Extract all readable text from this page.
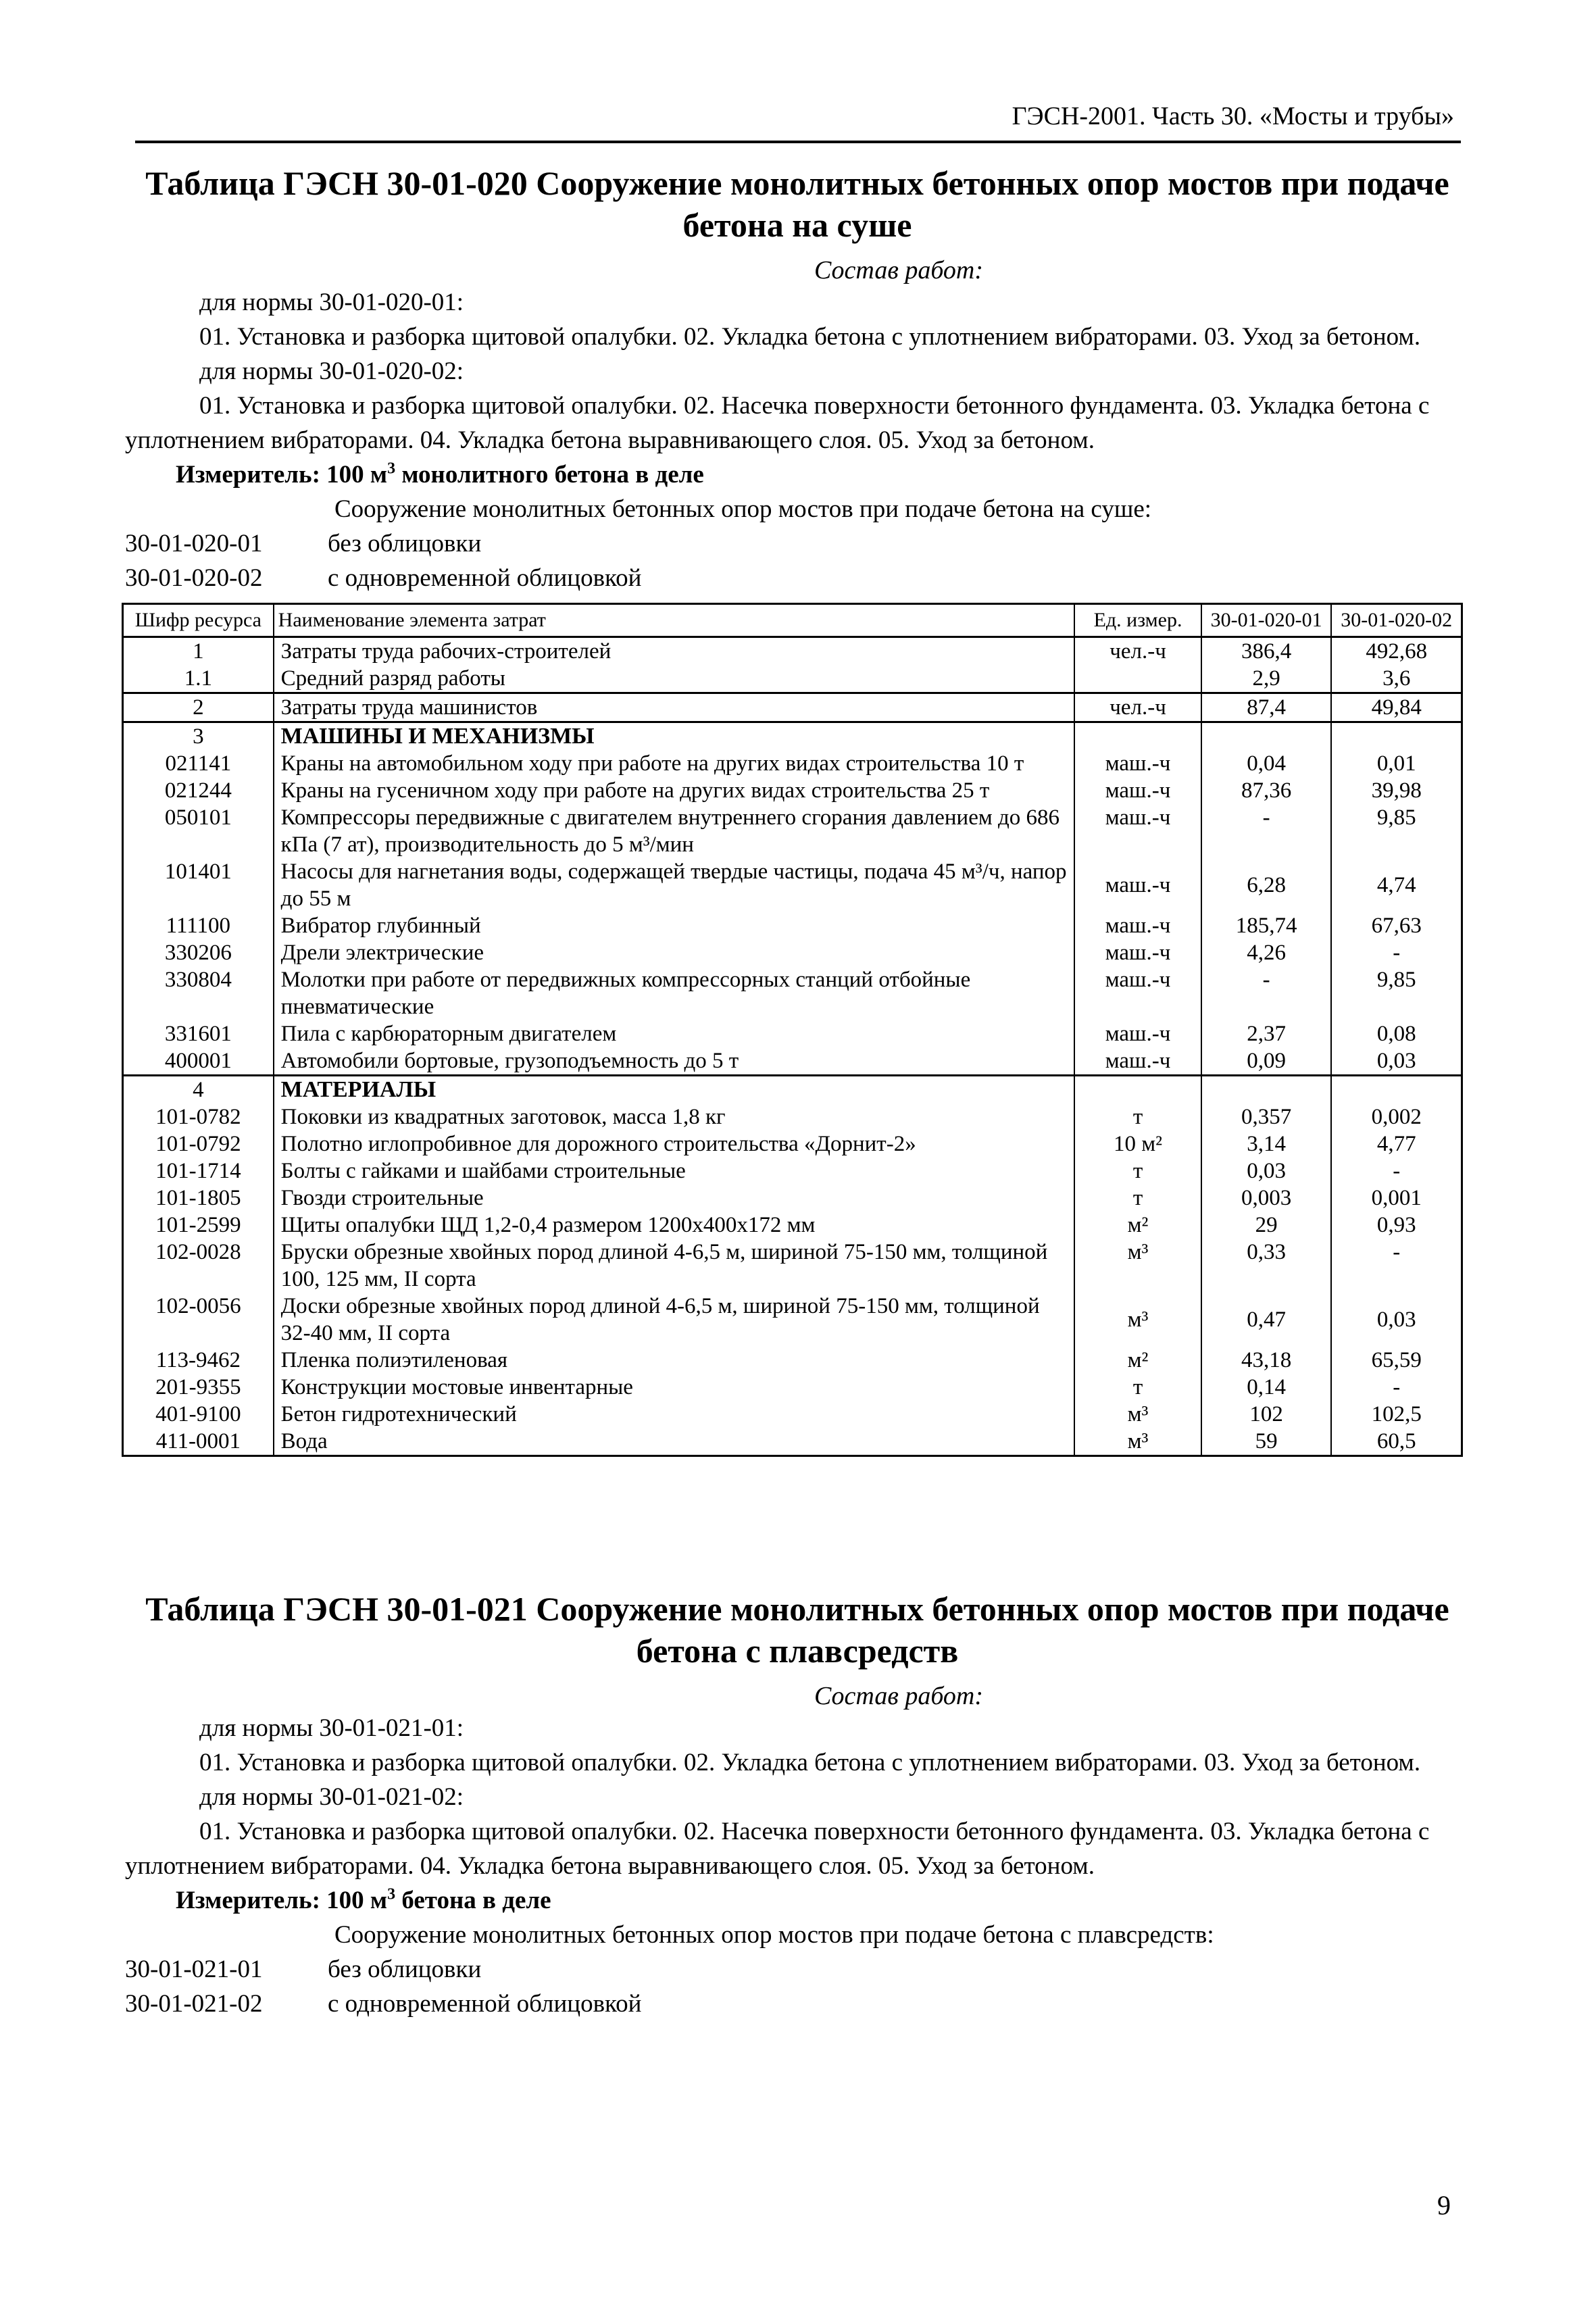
ГЭСН-2001. Часть 30. «Мосты и трубы»
Таблица ГЭСН 30-01-020 Сооружение монолитных бетонных опор мостов при подаче
бетона на суше
Состав работ:

для нормы 30-01-020-01:

01. Установка и разборка щитовой опалубки. 02. Укладка бетона с уплотнением вибраторами. 03. Уход за бетоном.

для нормы 30-01-020-02:

01. Установка и разборка щитовой опалубки. 02. Насечка поверхности бетонного фундамента. 03. Укладка бетона с уплотнением вибраторами. 04. Укладка бетона выравнивающего слоя. 05. Уход за бетоном.

Измеритель: 100 $м^3$ монолитного бетона в деле
Сооружение монолитных бетонных опор мостов при подаче бетона на суше:
30-01-020-01	без облицовки
30-01-020-02	с одновременной облицовкой
Шифр ресурса	Наименование элемента затрат	Ед. измер.	30-01-020-01	30-01-020-02
1	Затраты труда рабочих-строителей	чел.-ч	386,4	492,68
1.1	Средний разряд работы		2,9	3,6
2	Затраты труда машинистов	чел.-ч	87,4	49,84
3	МАШИНЫ И МЕХАНИЗМЫ			
021141	Краны на автомобильном ходу при работе на других видах строительства 10 т	маш.-ч	0,04	0,01
021244	Краны на гусеничном ходу при работе на других видах строительства 25 т	маш.-ч	87,36	39,98
050101	Компрессоры передвижные с двигателем внутреннего сгорания давлением до 686 кПа (7 ат), производительность до 5 м³/мин	маш.-ч	-	9,85
101401	Насосы для нагнетания воды, содержащей твердые частицы, подача 45 м³/ч, напор до 55 м	маш.-ч	6,28	4,74
111100	Вибратор глубинный	маш.-ч	185,74	67,63
330206	Дрели электрические	маш.-ч	4,26	-
330804	Молотки при работе от передвижных компрессорных станций отбойные пневматические	маш.-ч	-	9,85
331601	Пила с карбюраторным двигателем	маш.-ч	2,37	0,08
400001	Автомобили бортовые, грузоподъемность до 5 т	маш.-ч	0,09	0,03
4	МАТЕРИАЛЫ			
101-0782	Поковки из квадратных заготовок, масса 1,8 кг	т	0,357	0,002
101-0792	Полотно иглопробивное для дорожного строительства «Дорнит-2»	10 м²	3,14	4,77
101-1714	Болты с гайками и шайбами строительные	т	0,03	-
101-1805	Гвозди строительные	т	0,003	0,001
101-2599	Щиты опалубки ЩД 1,2-0,4 размером 1200х400х172 мм	м²	29	0,93
102-0028	Бруски обрезные хвойных пород длиной 4-6,5 м, шириной 75-150 мм, толщиной 100, 125 мм, II сорта	м³	0,33	-
102-0056	Доски обрезные хвойных пород длиной 4-6,5 м, шириной 75-150 мм, толщиной 32-40 мм, II сорта	м³	0,47	0,03
113-9462	Пленка полиэтиленовая	м²	43,18	65,59
201-9355	Конструкции мостовые инвентарные	т	0,14	-
401-9100	Бетон гидротехнический	м³	102	102,5
411-0001	Вода	м³	59	60,5
Таблица ГЭСН 30-01-021 Сооружение монолитных бетонных опор мостов при подаче
бетона с плавсредств
Состав работ:

для нормы 30-01-021-01:

01. Установка и разборка щитовой опалубки. 02. Укладка бетона с уплотнением вибраторами. 03. Уход за бетоном.

для нормы 30-01-021-02:

01. Установка и разборка щитовой опалубки. 02. Насечка поверхности бетонного фундамента. 03. Укладка бетона с уплотнением вибраторами. 04. Укладка бетона выравнивающего слоя. 05. Уход за бетоном.

Измеритель: 100 $м^3$ бетона в деле
Сооружение монолитных бетонных опор мостов при подаче бетона с плавсредств:
30-01-021-01	без облицовки
30-01-021-02	с одновременной облицовкой
9
